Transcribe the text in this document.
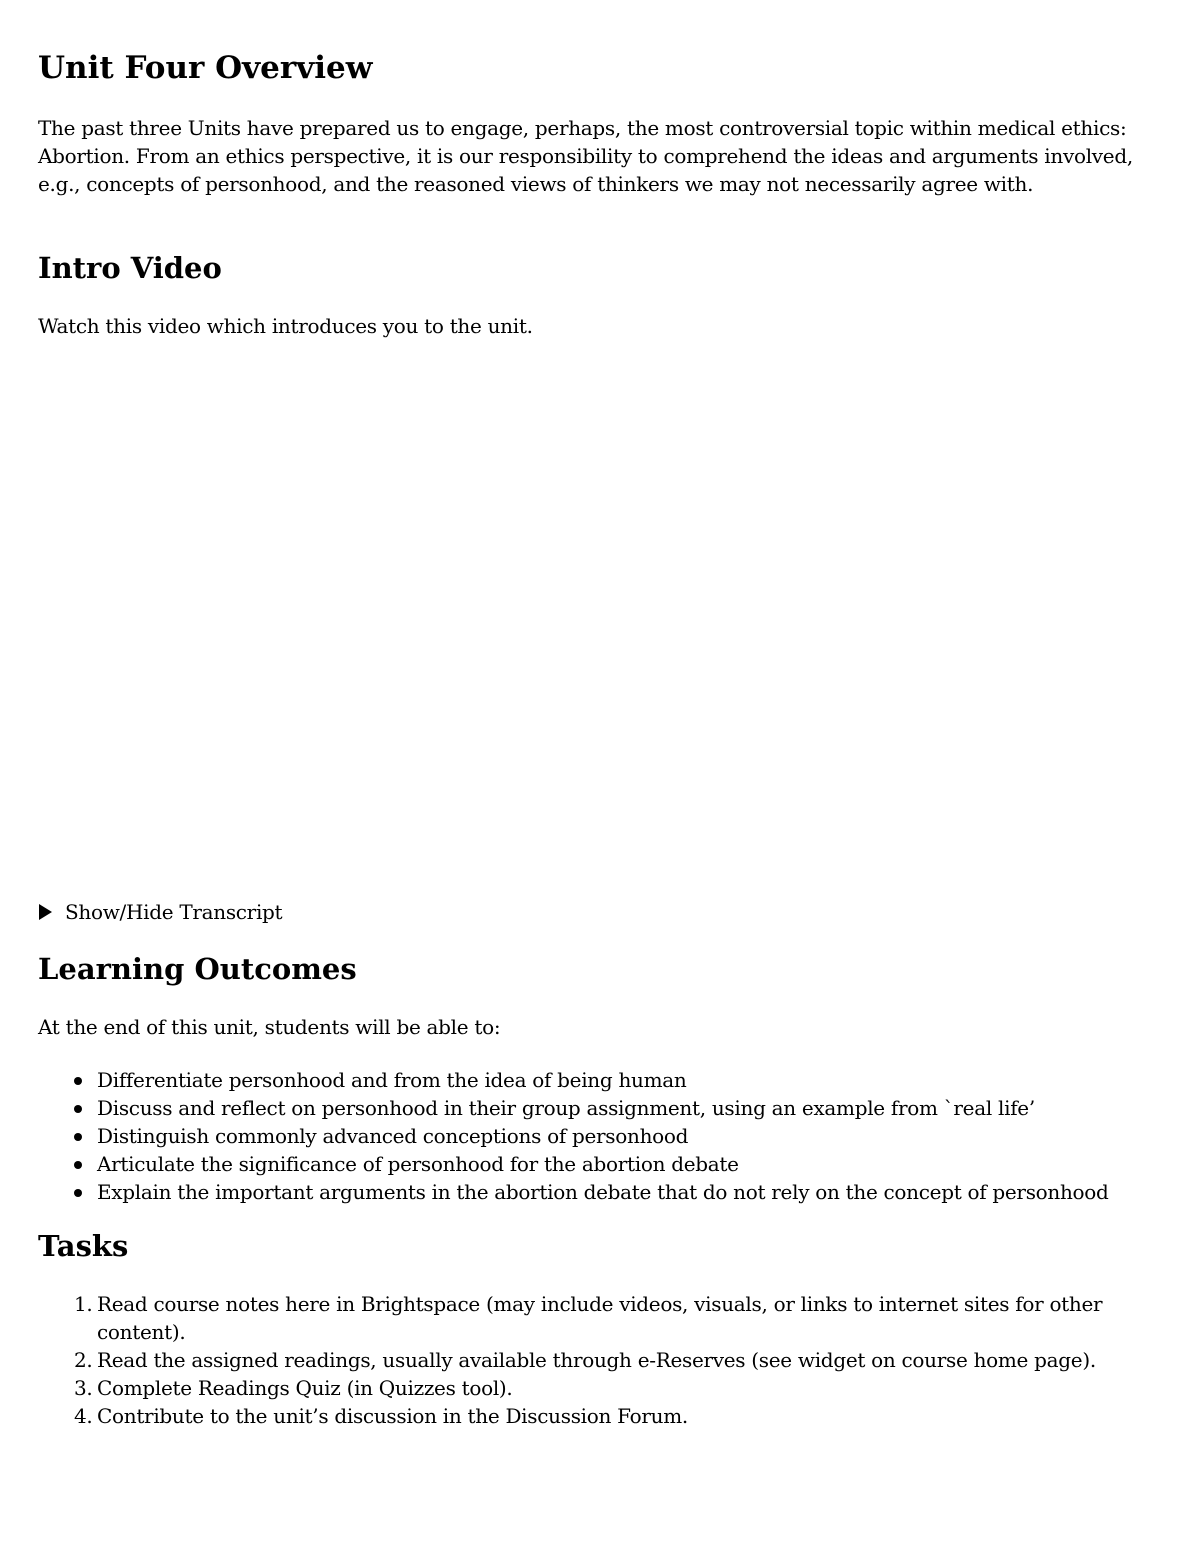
Unit Four Overview

The past three Units have prepared us to engage, perhaps, the most controversial topic within medical ethics: Abortion. From an ethics perspective, it is our responsibility to comprehend the ideas and arguments involved, e.g., concepts of personhood, and the reasoned views of thinkers we may not necessarily agree with.

Intro Video

Watch this video which introduces you to the unit.

Show/Hide Transcript
Learning Outcomes

At the end of this unit, students will be able to:

Differentiate personhood and from the idea of being human
Discuss and reflect on personhood in their group assignment, using an example from `real life’
Distinguish commonly advanced conceptions of personhood
Articulate the significance of personhood for the abortion debate
Explain the important arguments in the abortion debate that do not rely on the concept of personhood
Tasks
1. Read course notes here in Brightspace (may include videos, visuals, or links to internet sites for other content).
2. Read the assigned readings, usually available through e-Reserves (see widget on course home page).
3. Complete Readings Quiz (in Quizzes tool).
4. Contribute to the unit’s discussion in the Discussion Forum.
